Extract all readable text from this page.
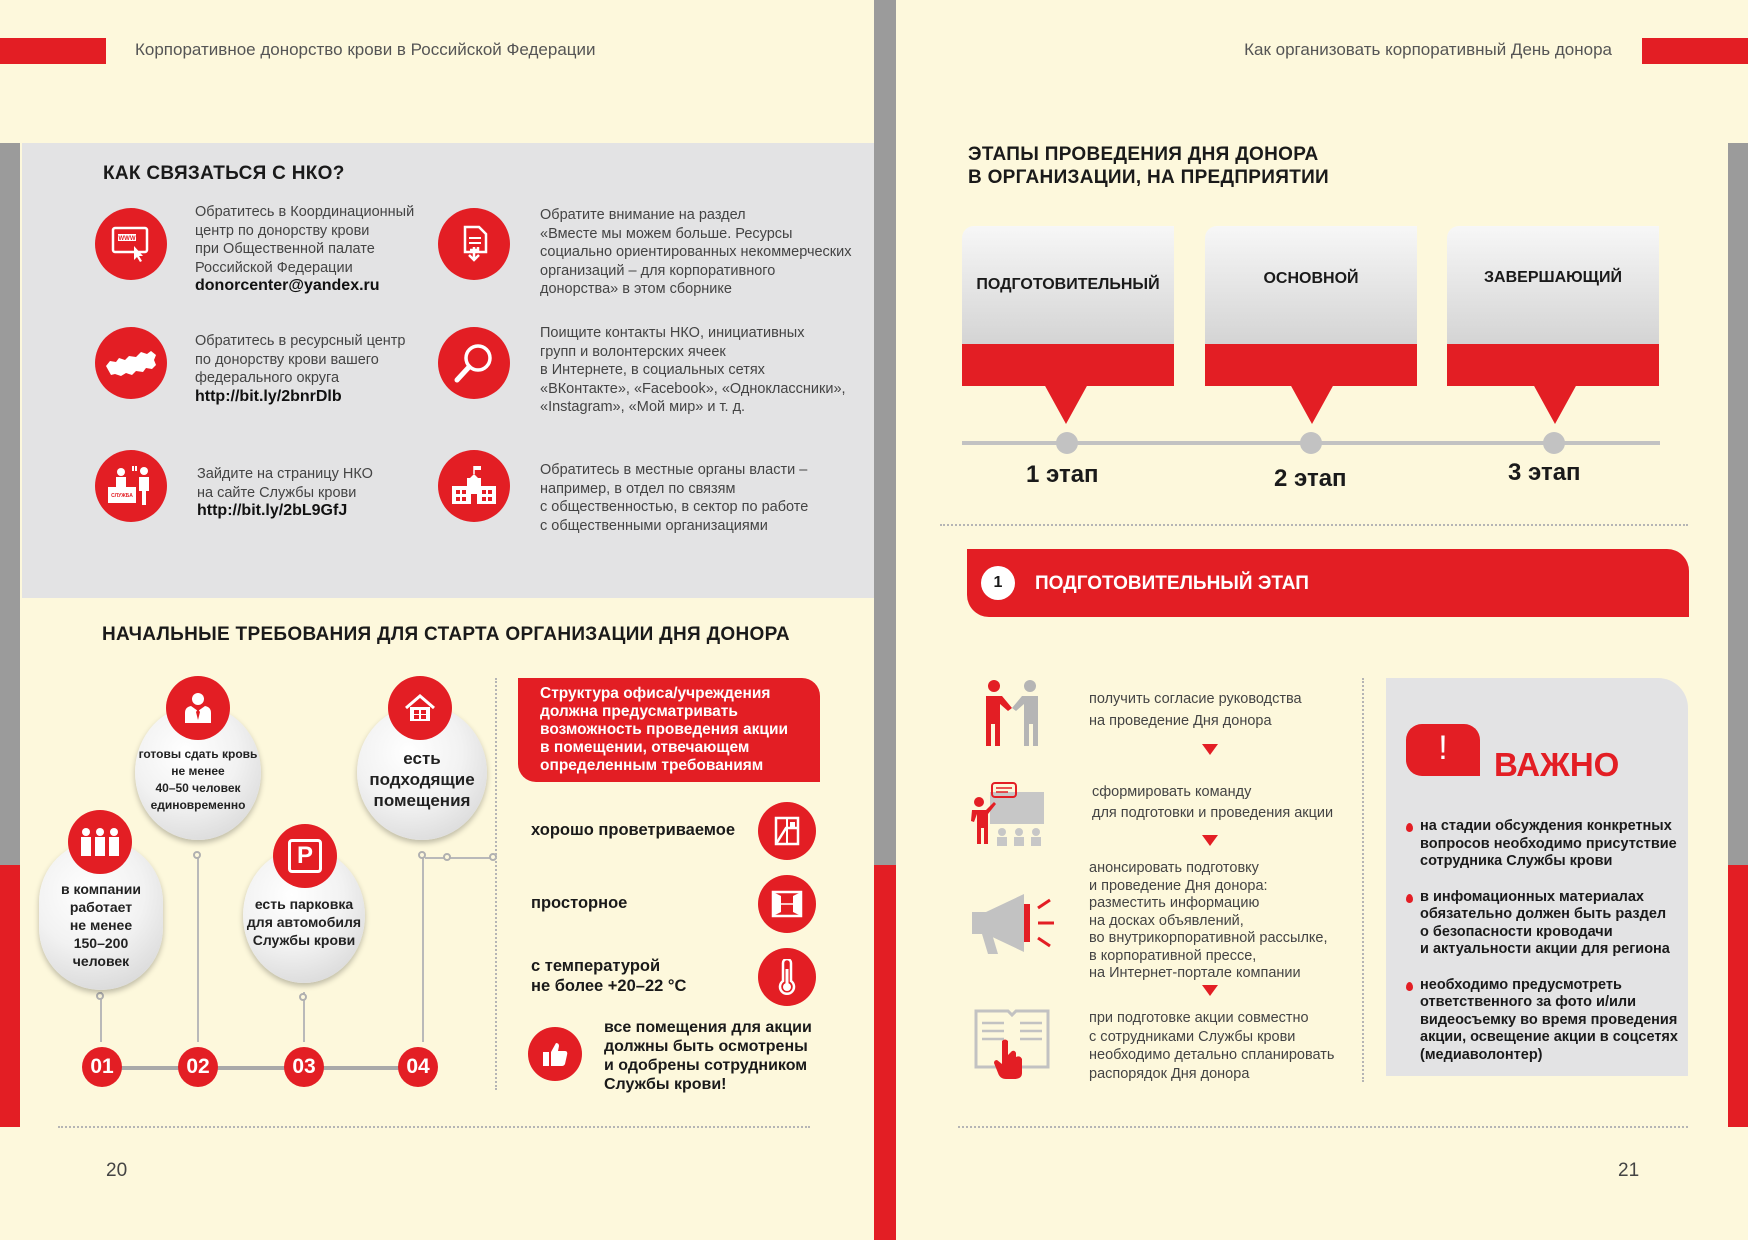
Корпоративное донорство крови в Российской Федерации
КАК СВЯЗАТЬСЯ С НКО?
WWW
Обратитесь в Координационный
центр по донорству крови
при Общественной палате
Российской Федерации
donorcenter@yandex.ru
Обратите внимание на раздел
«Вместе мы можем больше. Ресурсы
социально ориентированных некоммерческих
организаций – для корпоративного
донорства» в этом сборнике
Обратитесь в ресурсный центр
по донорству крови вашего
федерального округа
http://bit.ly/2bnrDlb
Поищите контакты НКО, инициативных
групп и волонтерских ячеек
в Интернете, в социальных сетях
«ВКонтакте», «Facebook», «Одноклассники»,
«Instagram», «Мой мир» и т. д.
СЛУЖБА
Зайдите на страницу НКО
на сайте Службы крови
http://bit.ly/2bL9GfJ
Обратитесь в местные органы власти –
например, в отдел по связям
с общественностью, в сектор по работе
с общественными организациями
НАЧАЛЬНЫЕ ТРЕБОВАНИЯ ДЛЯ СТАРТА ОРГАНИЗАЦИИ ДНЯ ДОНОРА
01	02	03	04
в компании
работает
не менее
150–200
человек
готовы сдать кровь
не менее
40–50 человек
единовременно
есть парковка
для автомобиля
Службы крови
P
есть
подходящие
помещения
Структура офиса/учреждения
должна предусматривать
возможность проведения акции
в помещении, отвечающем
определенным требованиям
хорошо проветриваемое
просторное
с температурой
не более +20–22 °С
все помещения для акции
должны быть осмотрены
и одобрены сотрудником
Службы крови!
20
Как организовать корпоративный День донора
ЭТАПЫ ПРОВЕДЕНИЯ ДНЯ ДОНОРА
В ОРГАНИЗАЦИИ, НА ПРЕДПРИЯТИИ
ПОДГОТОВИТЕЛЬНЫЙ	ОСНОВНОЙ	ЗАВЕРШАЮЩИЙ
1 этап	2 этап	3 этап
1	ПОДГОТОВИТЕЛЬНЫЙ ЭТАП
получить согласие руководства
на проведение Дня донора
сформировать команду
для подготовки и проведения акции
анонсировать подготовку
и проведение Дня донора:
разместить информацию
на досках объявлений,
во внутрикорпоративной рассылке,
в корпоративной прессе,
на Интернет-портале компании
при подготовке акции совместно
с сотрудниками Службы крови
необходимо детально спланировать
распорядок Дня донора
!	ВАЖНО
на стадии обсуждения конкретных
вопросов необходимо присутствие
сотрудника Службы крови
в инфомационных материалах
обязательно должен быть раздел
о безопасности кроводачи
и актуальности акции для региона
необходимо предусмотреть
ответственного за фото и/или
видеосъемку во время проведения
акции, освещение акции в соцсетях
(медиаволонтер)
21
